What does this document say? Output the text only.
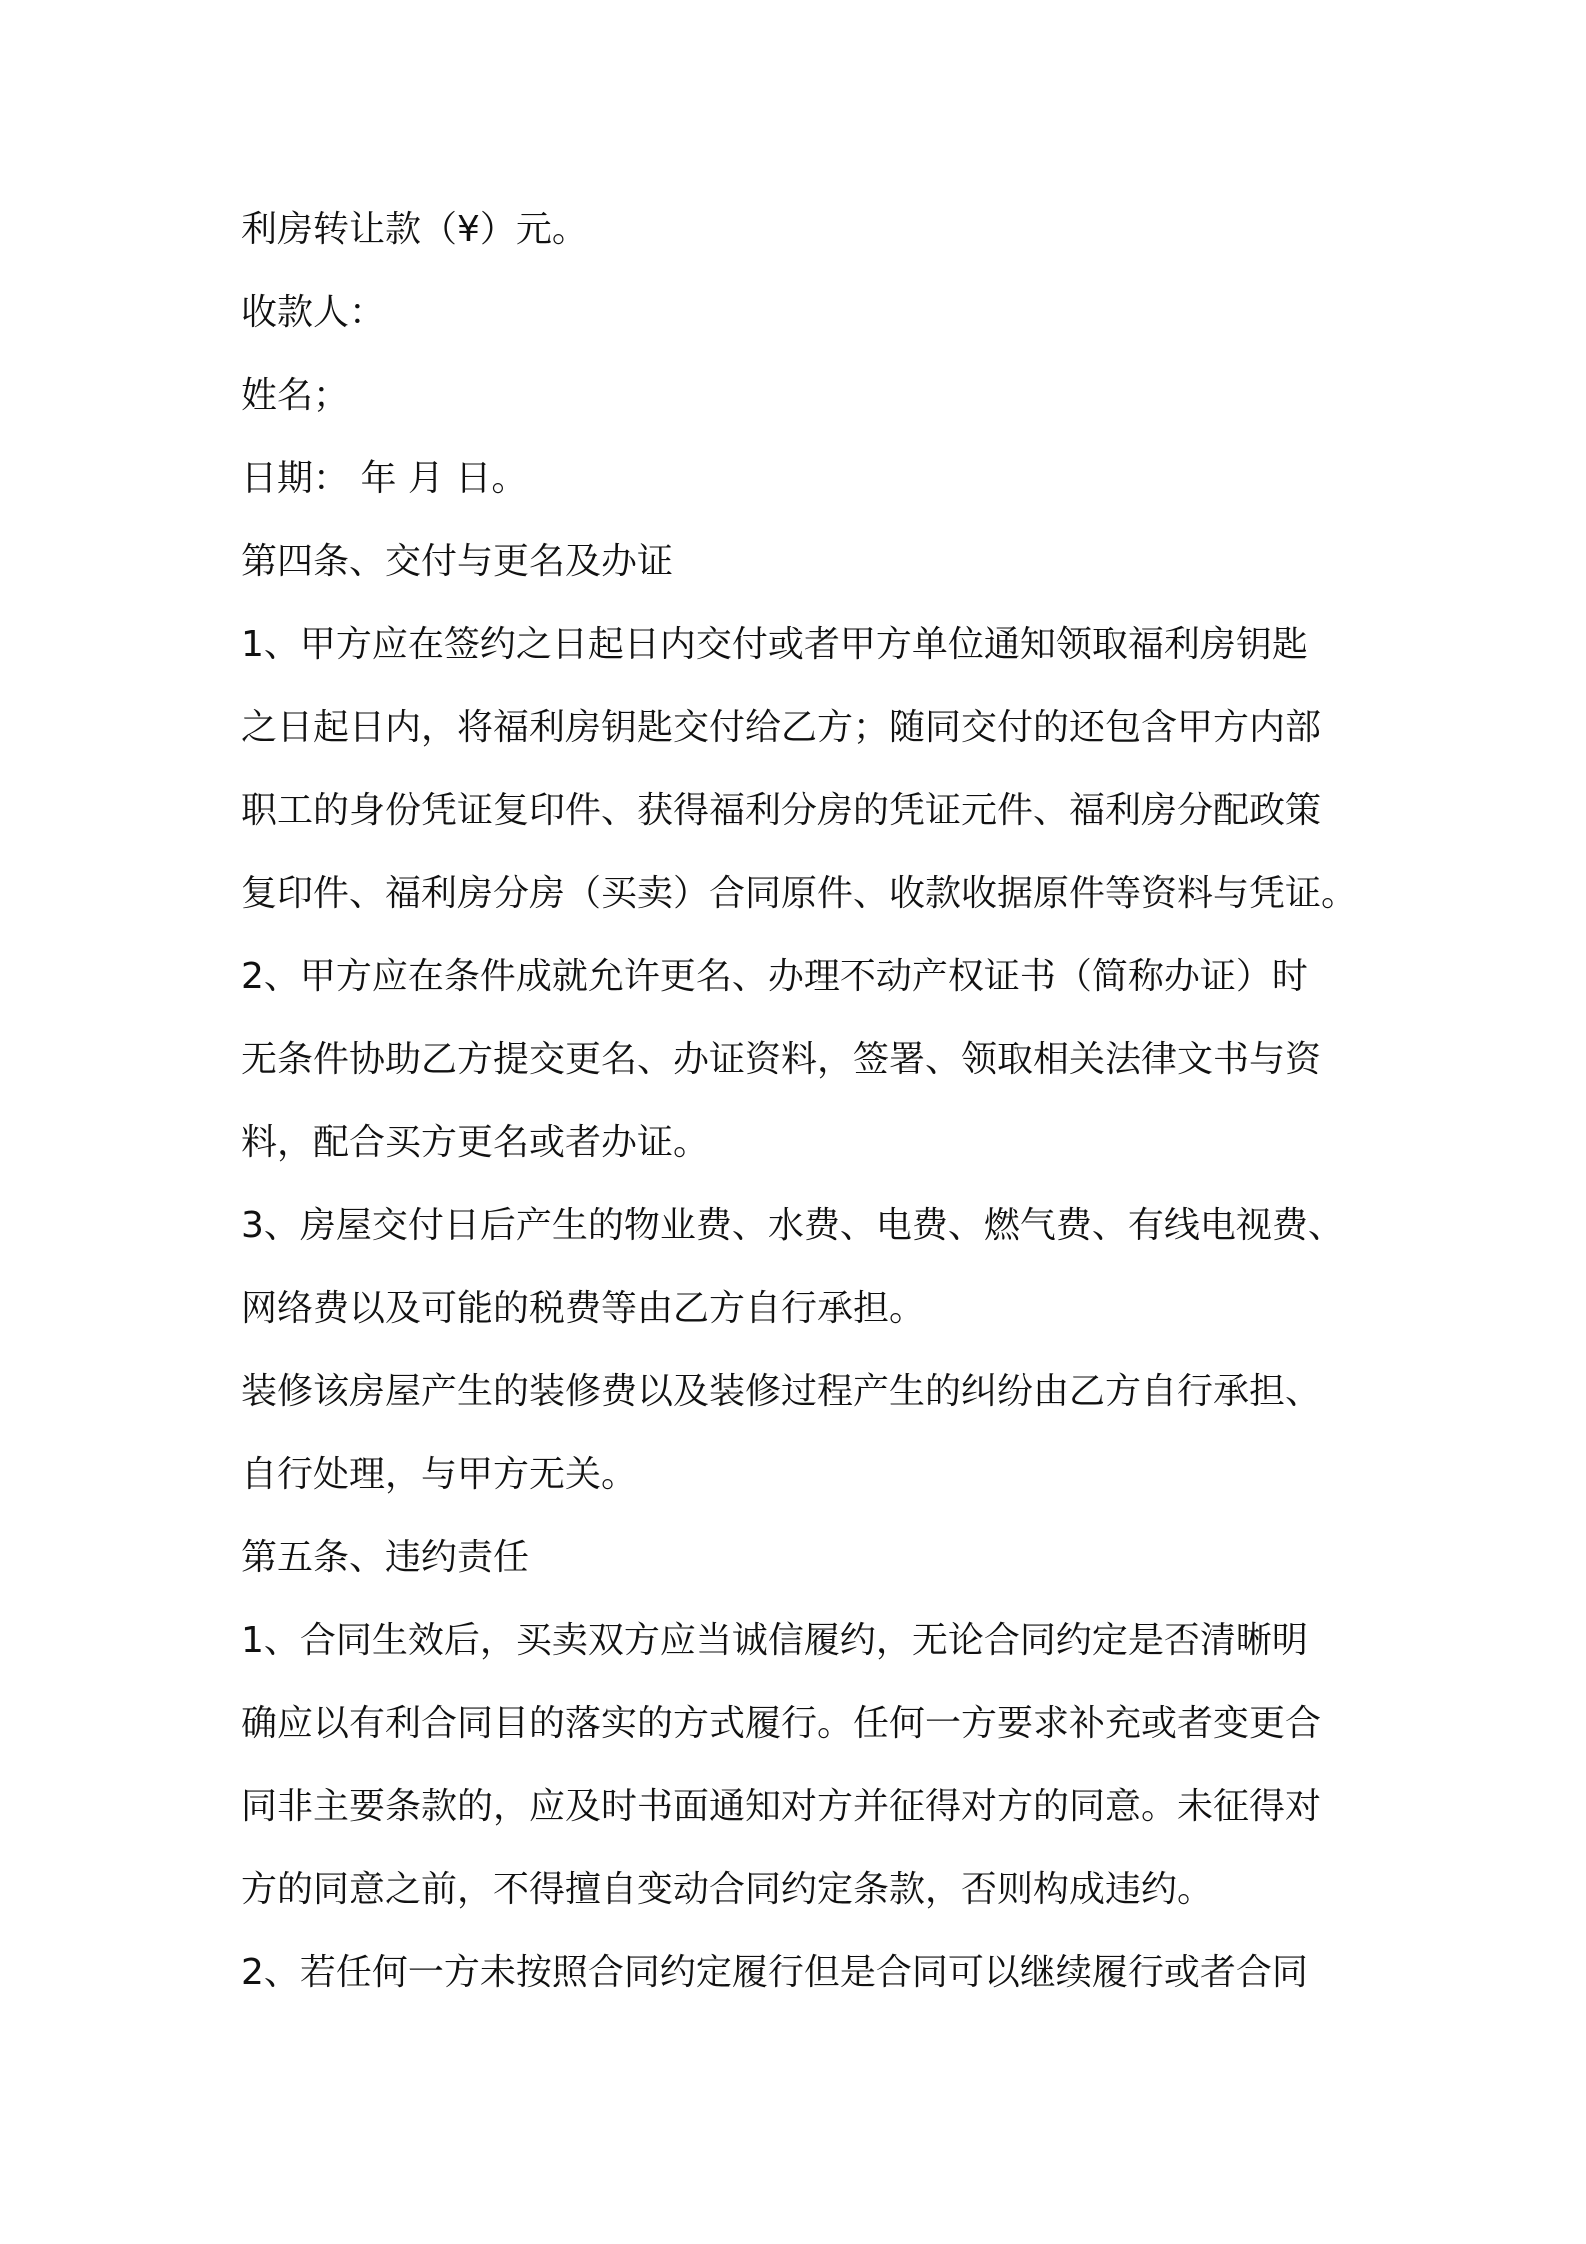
利房转让款（¥）元。

收款人：

姓名；

日期： 年 月 日。

第四条、交付与更名及办证

1、甲方应在签约之日起日内交付或者甲方单位通知领取福利房钥匙

之日起日内，将福利房钥匙交付给乙方；随同交付的还包含甲方内部

职工的身份凭证复印件、获得福利分房的凭证元件、福利房分配政策

复印件、福利房分房（买卖）合同原件、收款收据原件等资料与凭证。

2、甲方应在条件成就允许更名、办理不动产权证书（简称办证）时

无条件协助乙方提交更名、办证资料，签署、领取相关法律文书与资

料，配合买方更名或者办证。

3、房屋交付日后产生的物业费、水费、电费、燃气费、有线电视费、

网络费以及可能的税费等由乙方自行承担。

装修该房屋产生的装修费以及装修过程产生的纠纷由乙方自行承担、

自行处理，与甲方无关。

第五条、违约责任

1、合同生效后，买卖双方应当诚信履约，无论合同约定是否清晰明

确应以有利合同目的落实的方式履行。任何一方要求补充或者变更合

同非主要条款的，应及时书面通知对方并征得对方的同意。未征得对

方的同意之前，不得擅自变动合同约定条款，否则构成违约。

2、若任何一方未按照合同约定履行但是合同可以继续履行或者合同
